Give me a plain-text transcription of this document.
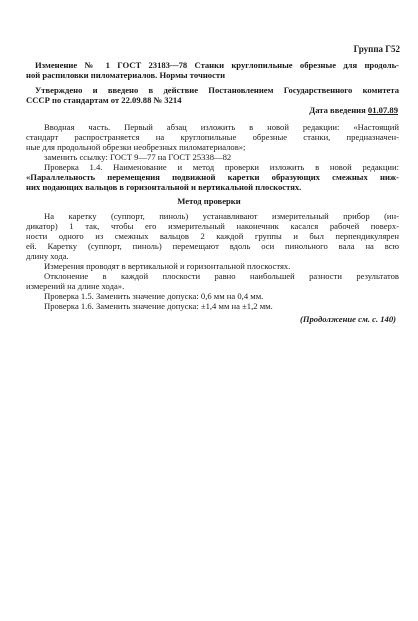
Группа Г52
Изменение № 1 ГОСТ 23183—78 Станки круглопильные обрезные для продоль-
ной распиловки пиломатериалов. Нормы точности
Утверждено и введено в действие Постановлением Государственного комитета
СССР по стандартам от 22.09.88 № 3214
Дата введения 01.07.89
Вводная часть. Первый абзац изложить в новой редакции: «Настоящий
стандарт распространяется на круглопильные обрезные станки, предназначен-
ные для продольной обрезки необрезных пиломатериалов»;
заменить ссылку: ГОСТ 9—77 на ГОСТ 25338—82
Проверка 1.4. Наименование и метод проверки изложить в новой редакции:
«Параллельность перемещения подвижной каретки образующих смежных ниж-
них подающих вальцов в горизонтальной и вертикальной плоскостях.
Метод проверки
На каретку (суппорт, пиноль) устанавливают измерительный прибор (ин-
дикатор) 1 так, чтобы его измерительный наконечник касался рабочей поверх-
ности одного из смежных вальцов 2 каждой группы и был перпендикулярен
ей. Каретку (суппорт, пиноль) перемещают вдоль оси пинольного вала на всю
длину хода.
Измерения проводят в вертикальной и горизонтальной плоскостях.
Отклонение в каждой плоскости равно наибольшей разности результатов
измерений на длине хода».
Проверка 1.5. Заменить значение допуска: 0,6 мм на 0,4 мм.
Проверка 1.6. Заменить значение допуска: ±1,4 мм на ±1,2 мм.
(Продолжение см. с. 140)
